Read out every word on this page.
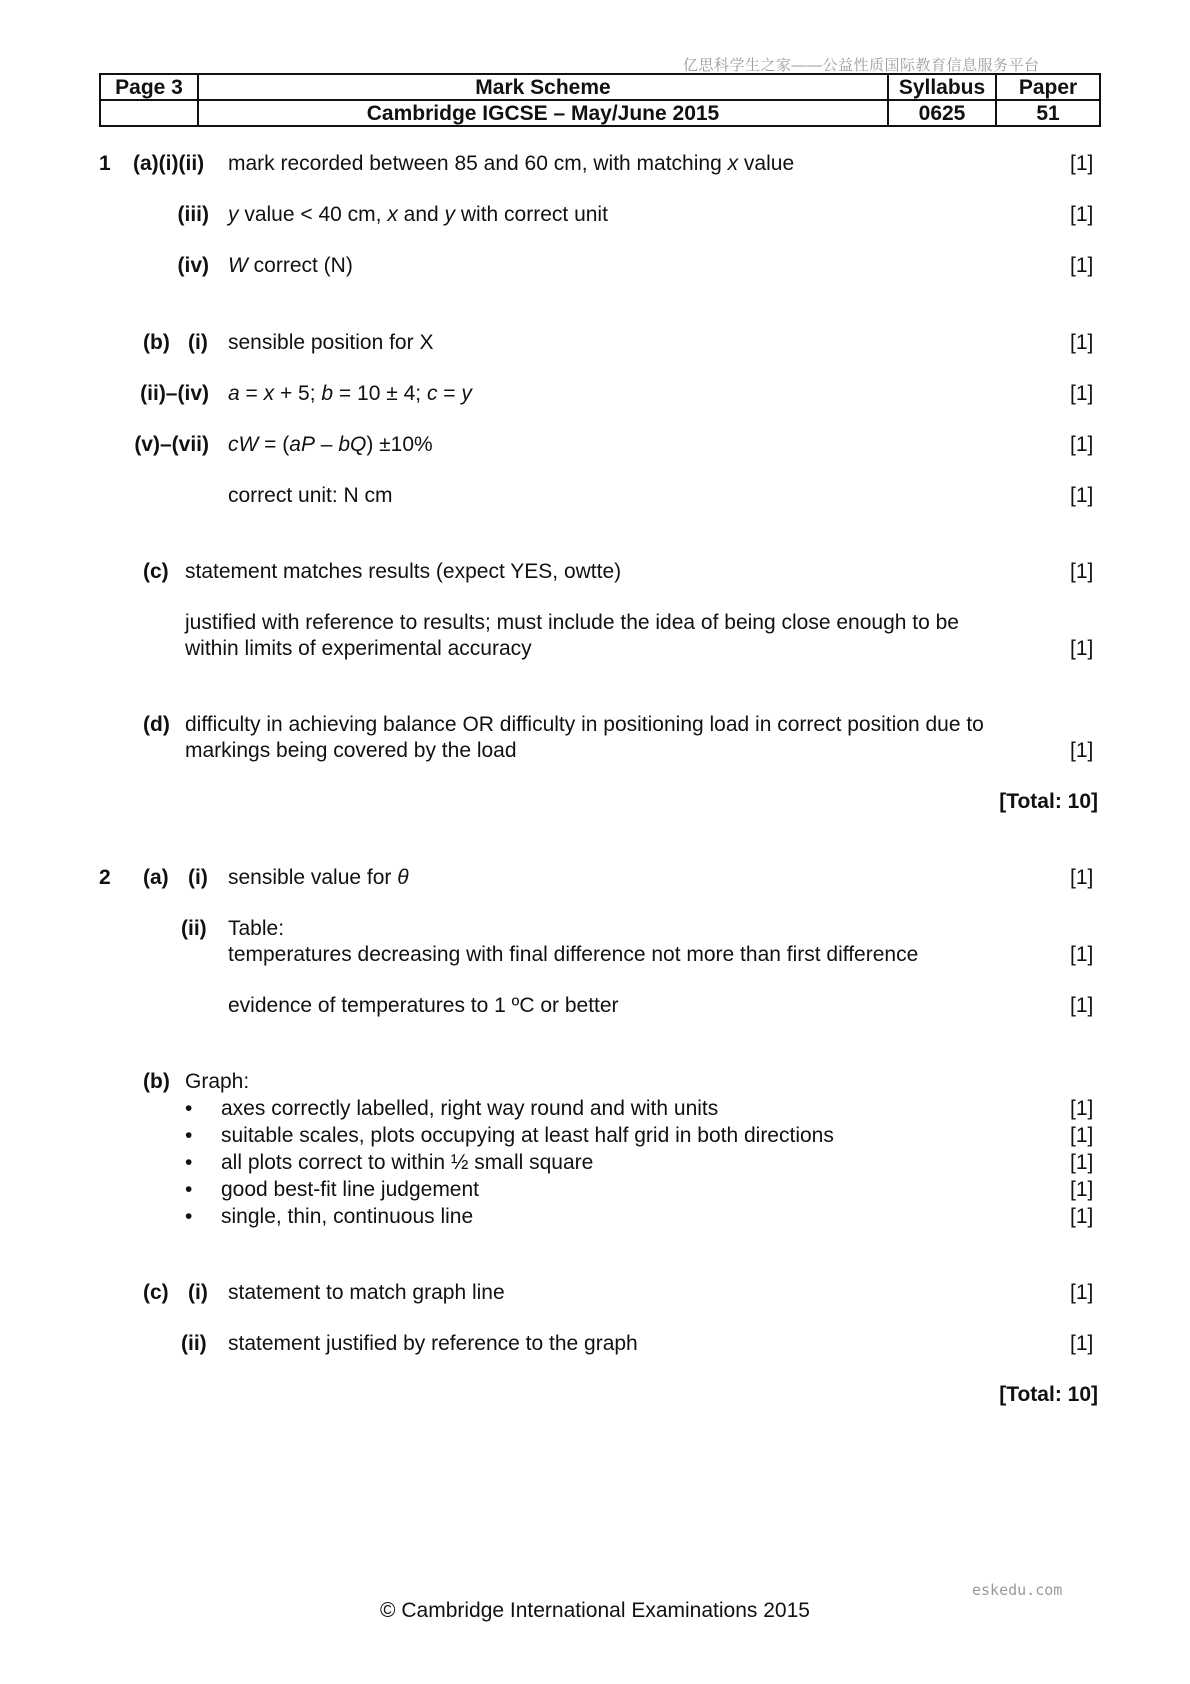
亿思科学生之家——公益性质国际教育信息服务平台
Page 3	Mark Scheme	Syllabus	Paper
	Cambridge IGCSE – May/June 2015	0625	51
1 (a)(i)(ii) mark recorded between 85 and 60 cm, with matching x value	[1]
(iii) y value < 40 cm, x and y with correct unit	[1]
(iv) W correct (N)	[1]
(b) (i) sensible position for X	[1]
(ii)–(iv) a = x + 5; b = 10 ± 4; c = y	[1]
(v)–(vii) cW = (aP – bQ) ±10%	[1]
correct unit: N cm	[1]
(c) statement matches results (expect YES, owtte)	[1]
justified with reference to results; must include the idea of being close enough to be
within limits of experimental accuracy	[1]
(d) difficulty in achieving balance OR difficulty in positioning load in correct position due to
markings being covered by the load	[1]
[Total: 10]
2 (a) (i) sensible value for θ	[1]
(ii) Table:
temperatures decreasing with final difference not more than first difference	[1]
evidence of temperatures to 1 ºC or better	[1]
(b) Graph:
• axes correctly labelled, right way round and with units	[1]
• suitable scales, plots occupying at least half grid in both directions	[1]
• all plots correct to within ½ small square	[1]
• good best-fit line judgement	[1]
• single, thin, continuous line	[1]
(c) (i) statement to match graph line	[1]
(ii) statement justified by reference to the graph	[1]
[Total: 10]
eskedu.com
© Cambridge International Examinations 2015
